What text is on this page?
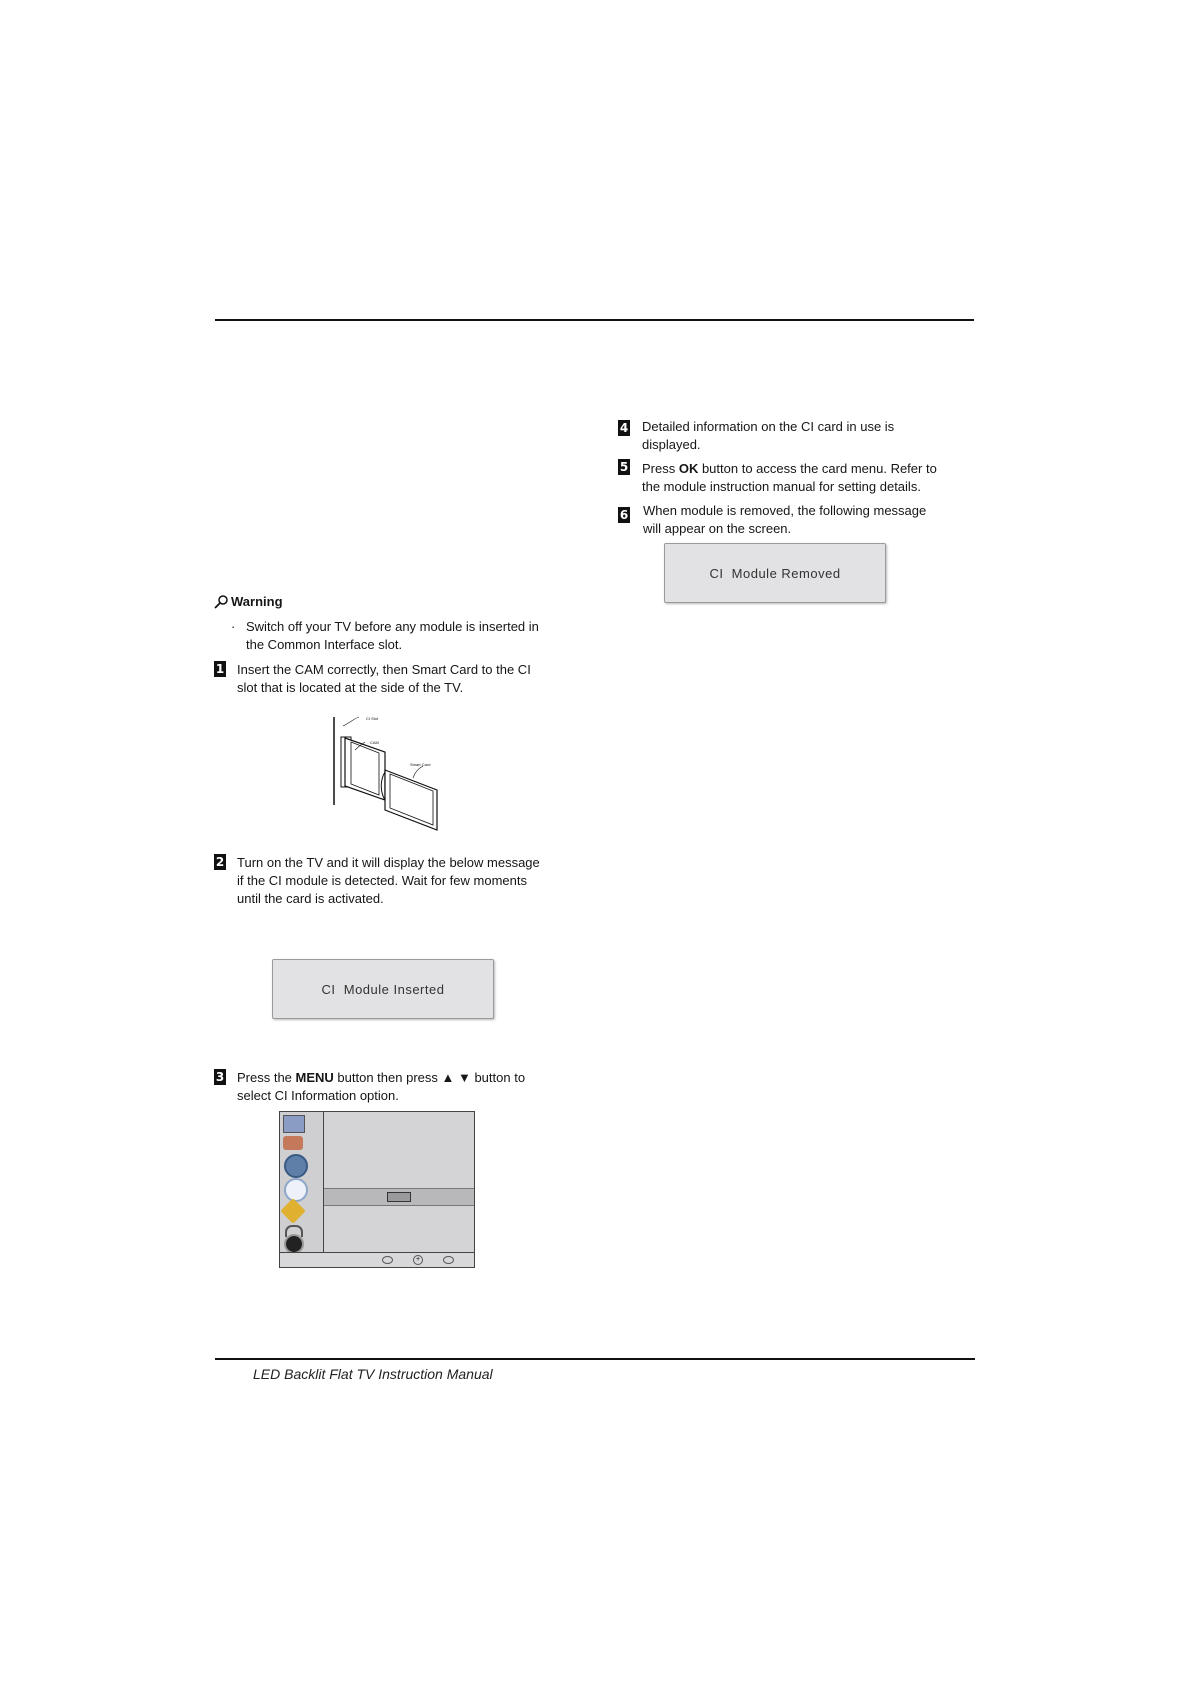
Warning
· Switch off your TV before any module is inserted in
the Common Interface slot.
1 Insert the CAM correctly, then Smart Card to the CI
slot that is located at the side of the TV.
CI Slot
CAM
Smart Card
2 Turn on the TV and it will display the below message
if the CI module is detected. Wait for few moments
until the card is activated.
CI  Module Inserted
3 Press the MENU button then press ▲ ▼ button to
select CI Information option.
+
4 Detailed information on the CI card in use is
displayed.
5 Press OK button to access the card menu. Refer to
the module instruction manual for setting details.
6 When module is removed, the following message
will appear on the screen.
CI  Module Removed
LED Backlit Flat TV Instruction Manual
